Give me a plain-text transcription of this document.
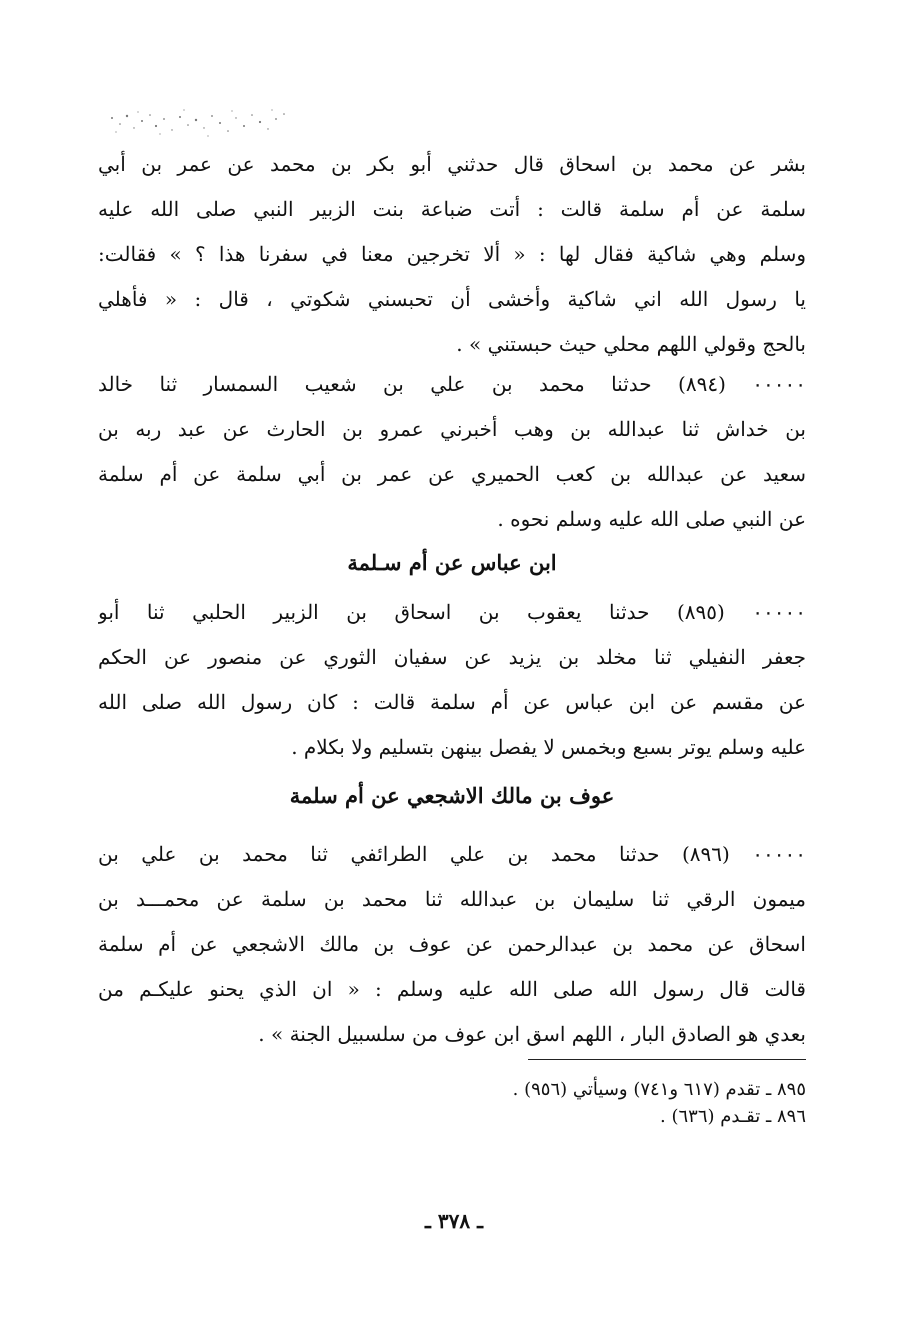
بشر عن محمد بن اسحاق قال حدثني أبو بكر بن محمد عن عمر بن أبي
سلمة عن أم سلمة قالت : أتت ضباعة بنت الزبير النبي صلى الله عليه
وسلم وهي شاكية فقال لها : « ألا تخرجين معنا في سفرنا هذا ؟ » فقالت:
يا رسول الله اني شاكية وأخشى أن تحبسني شكوتي ، قال : « فأهلي
بالحج وقولي اللهم محلي حيث حبستني » .
٠٠٠٠٠ (٨٩٤) حدثنا محمد بن علي بن شعيب السمسار ثنا خالد
بن خداش ثنا عبدالله بن وهب أخبرني عمرو بن الحارث عن عبد ربه بن
سعيد عن عبدالله بن كعب الحميري عن عمر بن أبي سلمة عن أم سلمة
عن النبي صلى الله عليه وسلم نحوه .
ابن عباس عن أم سـلمة
٠٠٠٠٠ (٨٩٥) حدثنا يعقوب بن اسحاق بن الزبير الحلبي ثنا أبو
جعفر النفيلي ثنا مخلد بن يزيد عن سفيان الثوري عن منصور عن الحكم
عن مقسم عن ابن عباس عن أم سلمة قالت : كان رسول الله صلى الله
عليه وسلم يوتر بسبع وبخمس لا يفصل بينهن بتسليم ولا بكلام .
عوف بن مالك الاشجعي عن أم سلمة
٠٠٠٠٠ (٨٩٦) حدثنا محمد بن علي الطرائفي ثنا محمد بن علي بن
ميمون الرقي ثنا سليمان بن عبدالله ثنا محمد بن سلمة عن محمـــد بن
اسحاق عن محمد بن عبدالرحمن عن عوف بن مالك الاشجعي عن أم سلمة
قالت قال رسول الله صلى الله عليه وسلم : « ان الذي يحنو عليكـم من
بعدي هو الصادق البار ، اللهم اسق ابن عوف من سلسبيل الجنة » .
٨٩٥ ـ تقدم (٦١٧ و٧٤١) وسيأتي (٩٥٦) .
٨٩٦ ـ تقـدم (٦٣٦) .
ـ ٣٧٨ ـ
